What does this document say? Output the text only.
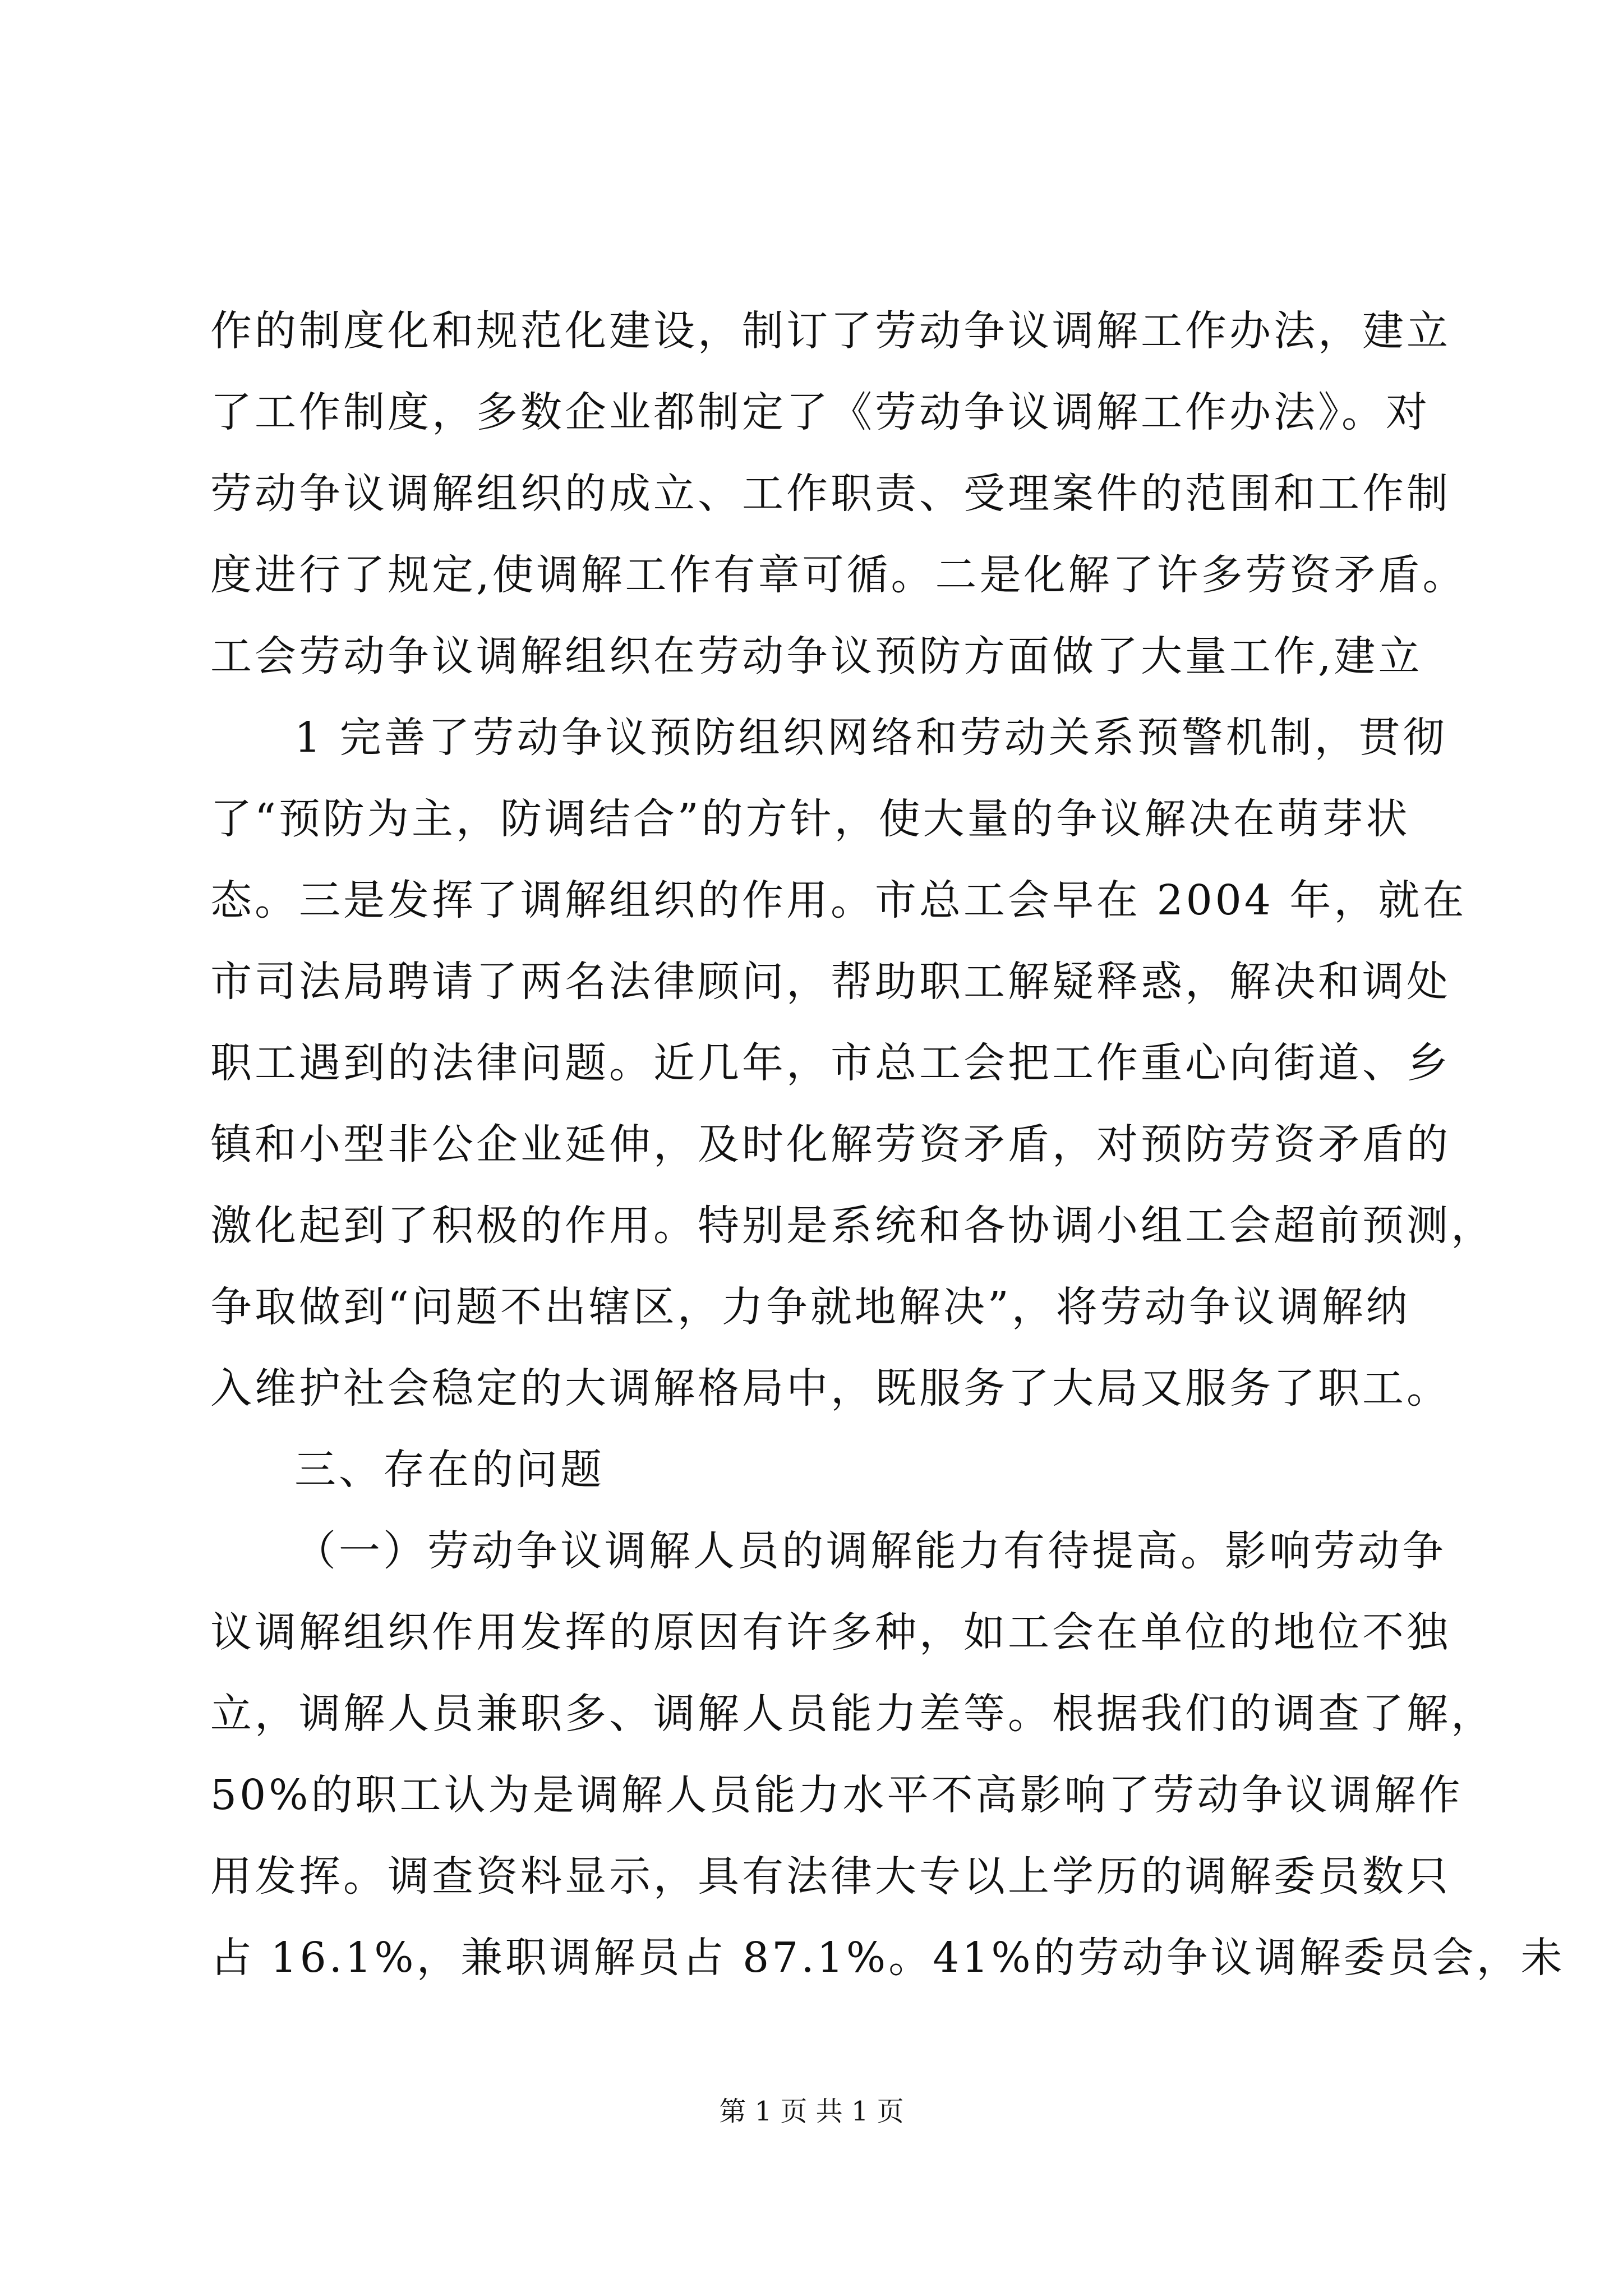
作的制度化和规范化建设，制订了劳动争议调解工作办法，建立
了工作制度，多数企业都制定了《劳动争议调解工作办法》。对
劳动争议调解组织的成立、工作职责、受理案件的范围和工作制
度进行了规定,使调解工作有章可循。二是化解了许多劳资矛盾。
工会劳动争议调解组织在劳动争议预防方面做了大量工作,建立
1 完善了劳动争议预防组织网络和劳动关系预警机制，贯彻
了“预防为主，防调结合”的方针，使大量的争议解决在萌芽状
态。三是发挥了调解组织的作用。市总工会早在 2004 年，就在
市司法局聘请了两名法律顾问，帮助职工解疑释惑，解决和调处
职工遇到的法律问题。近几年，市总工会把工作重心向街道、乡
镇和小型非公企业延伸，及时化解劳资矛盾，对预防劳资矛盾的
激化起到了积极的作用。特别是系统和各协调小组工会超前预测，
争取做到“问题不出辖区，力争就地解决”，将劳动争议调解纳
入维护社会稳定的大调解格局中，既服务了大局又服务了职工。
三、存在的问题
（一）劳动争议调解人员的调解能力有待提高。影响劳动争
议调解组织作用发挥的原因有许多种，如工会在单位的地位不独
立，调解人员兼职多、调解人员能力差等。根据我们的调查了解，
50%的职工认为是调解人员能力水平不高影响了劳动争议调解作
用发挥。调查资料显示，具有法律大专以上学历的调解委员数只
占 16.1%，兼职调解员占 87.1%。41%的劳动争议调解委员会，未
第 1 页 共 1 页
